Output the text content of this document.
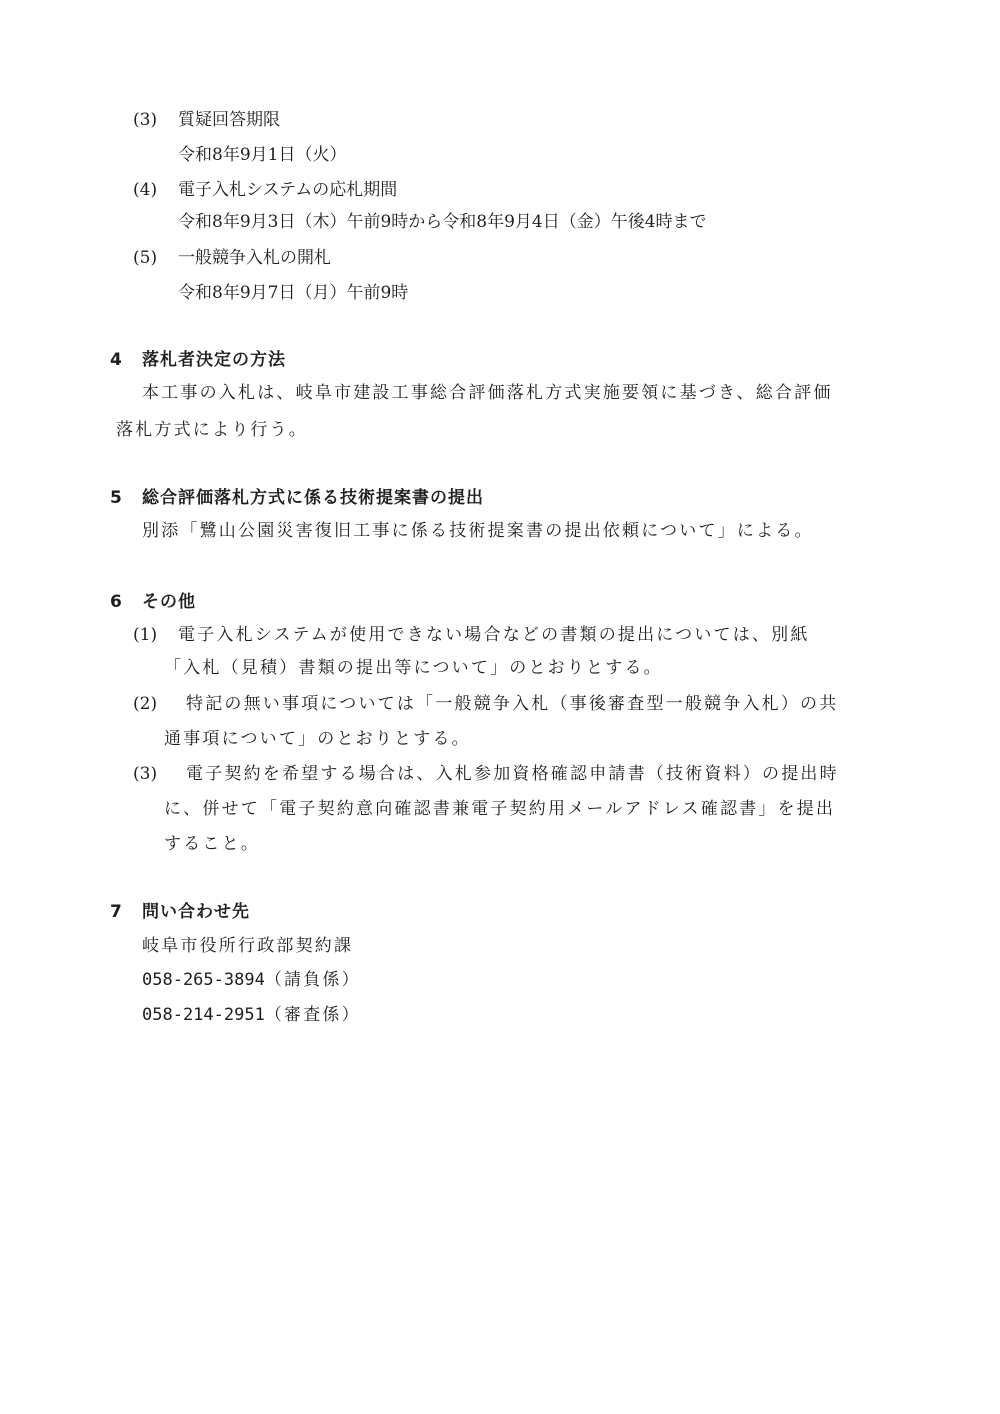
(3) 質疑回答期限
令和8年9月1日（火）
(4) 電子入札システムの応札期間
令和8年9月3日（木）午前9時から令和8年9月4日（金）午後4時まで
(5) 一般競争入札の開札
令和8年9月7日（月）午前9時
4 落札者決定の方法
本工事の入札は、岐阜市建設工事総合評価落札方式実施要領に基づき、総合評価
落札方式により行う。
5 総合評価落札方式に係る技術提案書の提出
別添「鷺山公園災害復旧工事に係る技術提案書の提出依頼について」による。
6 その他
(1) 電子入札システムが使用できない場合などの書類の提出については、別紙
「入札（見積）書類の提出等について」のとおりとする。
(2) 特記の無い事項については「一般競争入札（事後審査型一般競争入札）の共
通事項について」のとおりとする。
(3) 電子契約を希望する場合は、入札参加資格確認申請書（技術資料）の提出時
に、併せて「電子契約意向確認書兼電子契約用メールアドレス確認書」を提出
すること。
7 問い合わせ先
岐阜市役所行政部契約課
058-265-3894（請負係）
058-214-2951（審査係）
